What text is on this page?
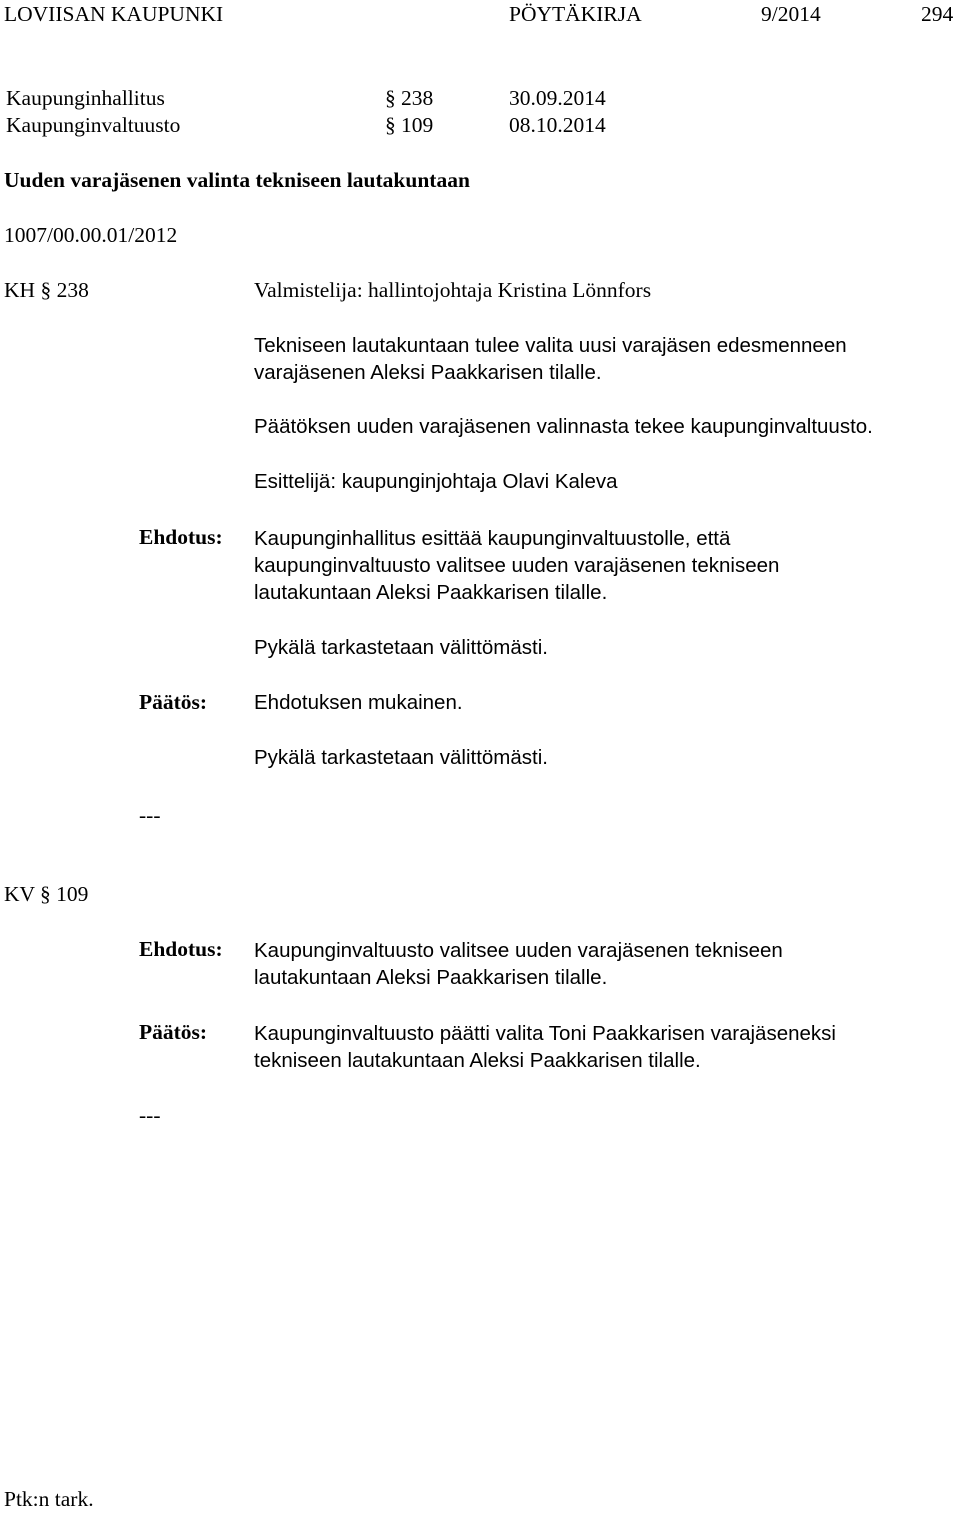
LOVIISAN KAUPUNKI	PÖYTÄKIRJA	9/2014	294
Kaupunginhallitus	§ 238	30.09.2014
Kaupunginvaltuusto	§ 109	08.10.2014
Uuden varajäsenen valinta tekniseen lautakuntaan
1007/00.00.01/2012
KH § 238	Valmistelija: hallintojohtaja Kristina Lönnfors
Tekniseen lautakuntaan tulee valita uusi varajäsen edesmenneen
varajäsenen Aleksi Paakkarisen tilalle.
Päätöksen uuden varajäsenen valinnasta tekee kaupunginvaltuusto.
Esittelijä: kaupunginjohtaja Olavi Kaleva
Ehdotus: Kaupunginhallitus esittää kaupunginvaltuustolle, että
kaupunginvaltuusto valitsee uuden varajäsenen tekniseen
lautakuntaan Aleksi Paakkarisen tilalle.
Pykälä tarkastetaan välittömästi.
Päätös: Ehdotuksen mukainen.
Pykälä tarkastetaan välittömästi.
---
KV § 109
Ehdotus: Kaupunginvaltuusto valitsee uuden varajäsenen tekniseen
lautakuntaan Aleksi Paakkarisen tilalle.
Päätös: Kaupunginvaltuusto päätti valita Toni Paakkarisen varajäseneksi
tekniseen lautakuntaan Aleksi Paakkarisen tilalle.
---
Ptk:n tark.
